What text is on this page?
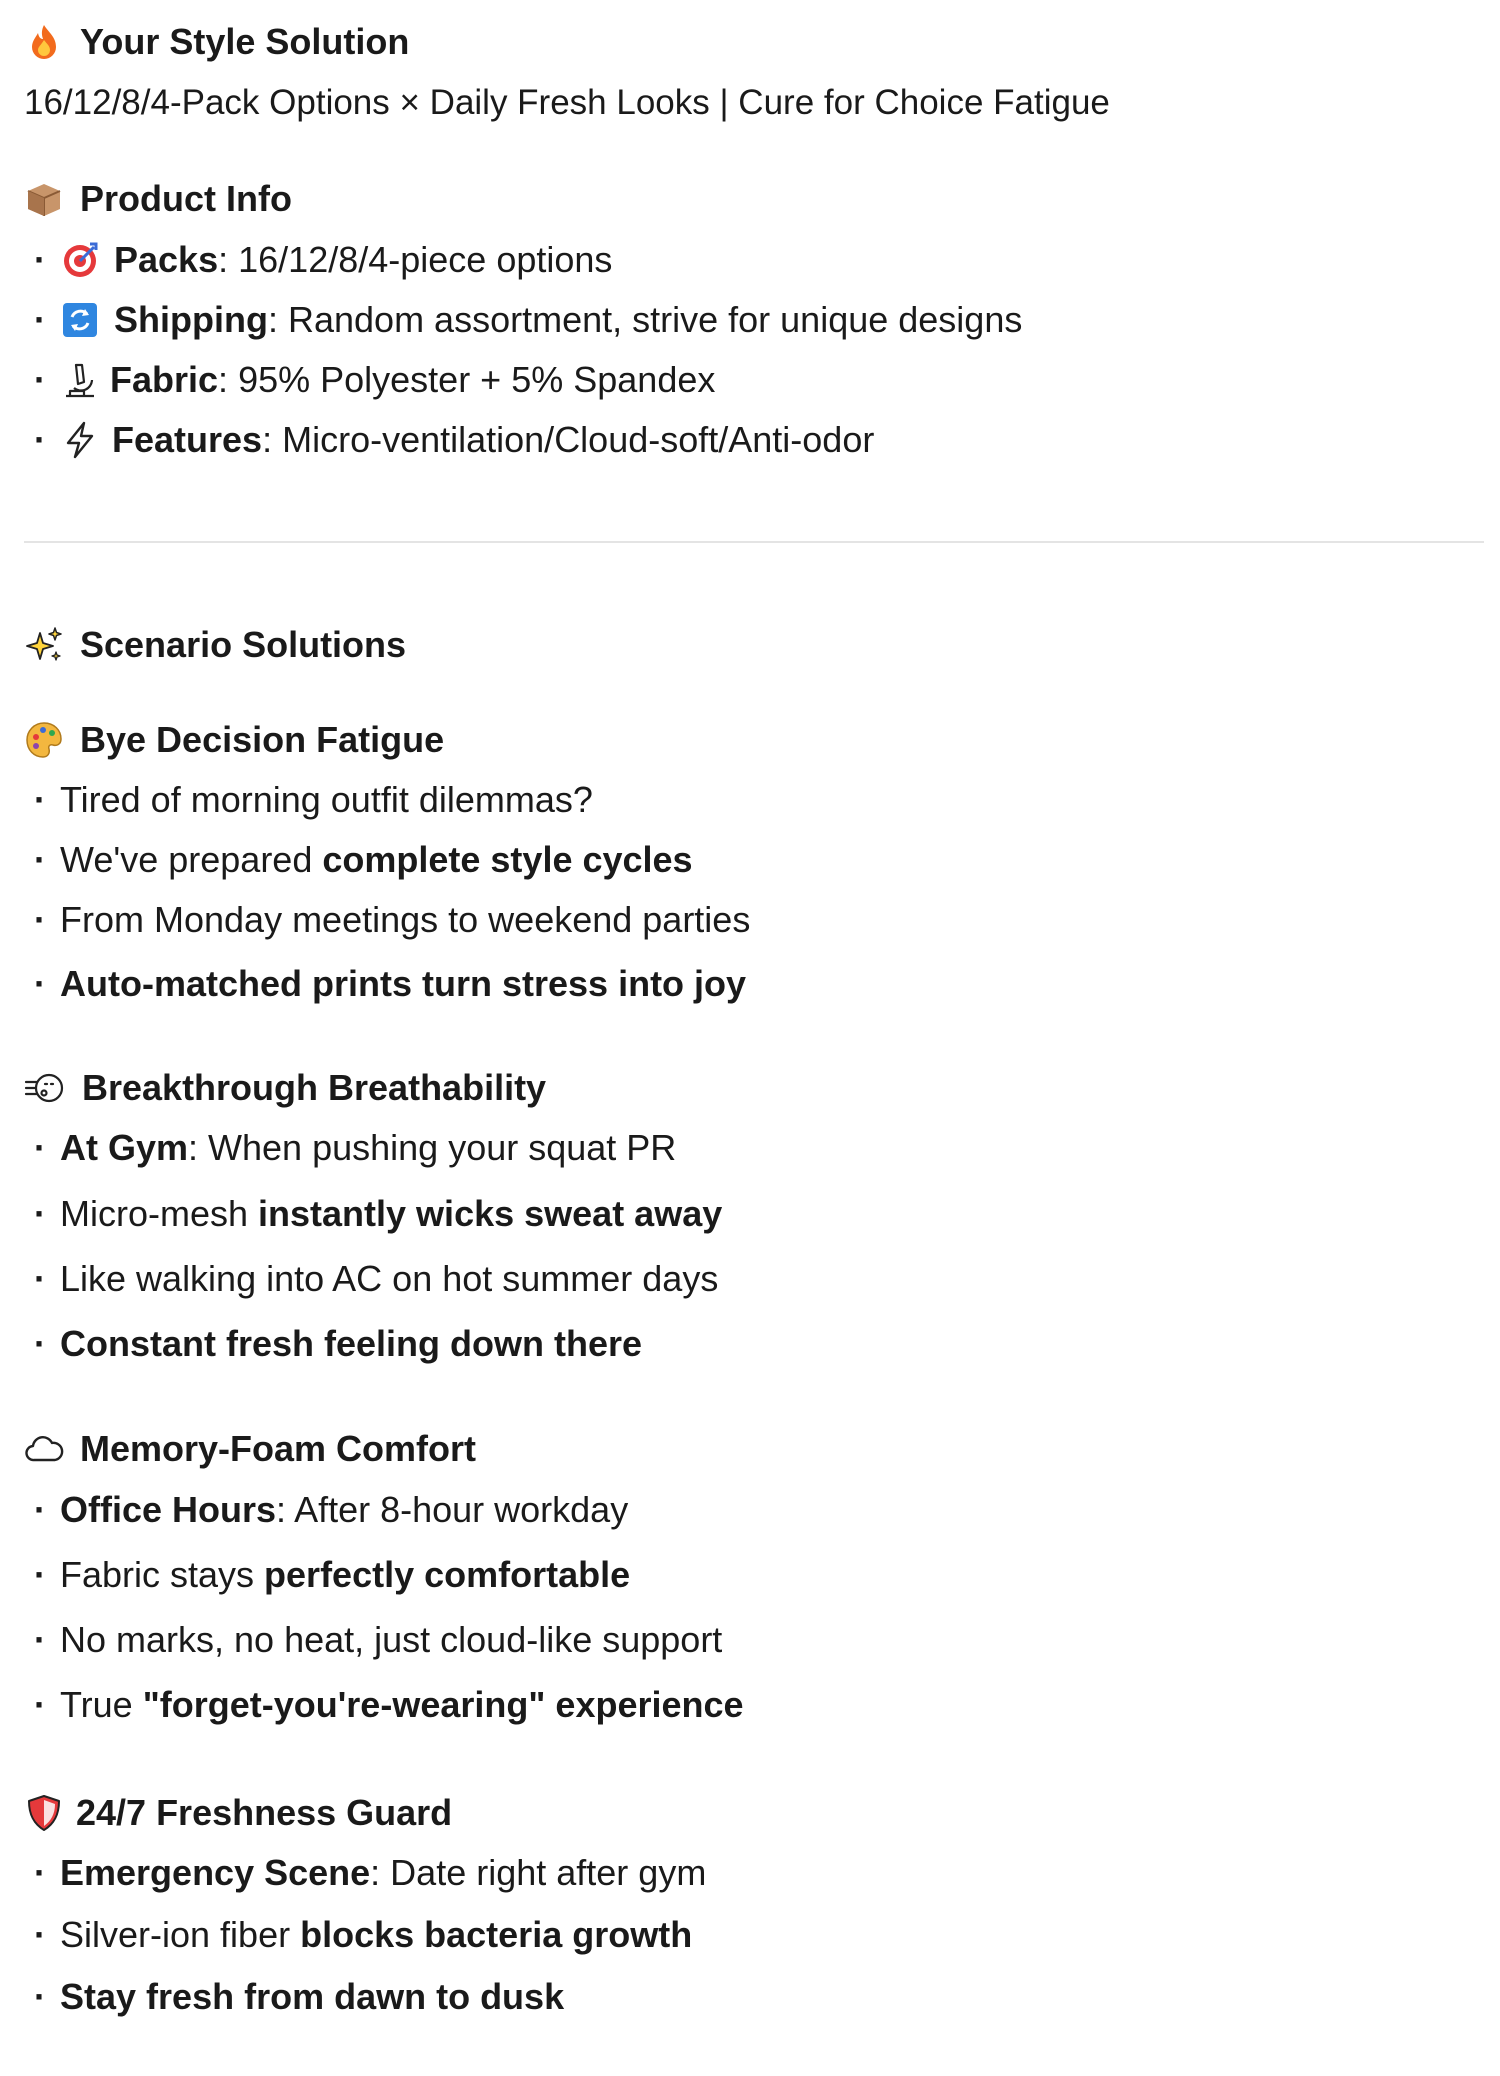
Your Style Solution
16/12/8/4-Pack Options × Daily Fresh Looks | Cure for Choice Fatigue
Product Info
·	Packs : 16/12/8/4-piece options
·	Shipping : Random assortment, strive for unique designs
·	Fabric : 95% Polyester + 5% Spandex
·	Features : Micro-ventilation/Cloud-soft/Anti-odor
Scenario Solutions
Bye Decision Fatigue
· Tired of morning outfit dilemmas?
· We've prepared complete style cycles
· From Monday meetings to weekend parties
· Auto-matched prints turn stress into joy
Breakthrough Breathability
· At Gym : When pushing your squat PR
· Micro-mesh instantly wicks sweat away
· Like walking into AC on hot summer days
· Constant fresh feeling down there
Memory-Foam Comfort
· Office Hours : After 8-hour workday
· Fabric stays perfectly comfortable
· No marks, no heat, just cloud-like support
· True "forget-you're-wearing" experience
24/7 Freshness Guard
· Emergency Scene : Date right after gym
· Silver-ion fiber blocks bacteria growth
· Stay fresh from dawn to dusk
